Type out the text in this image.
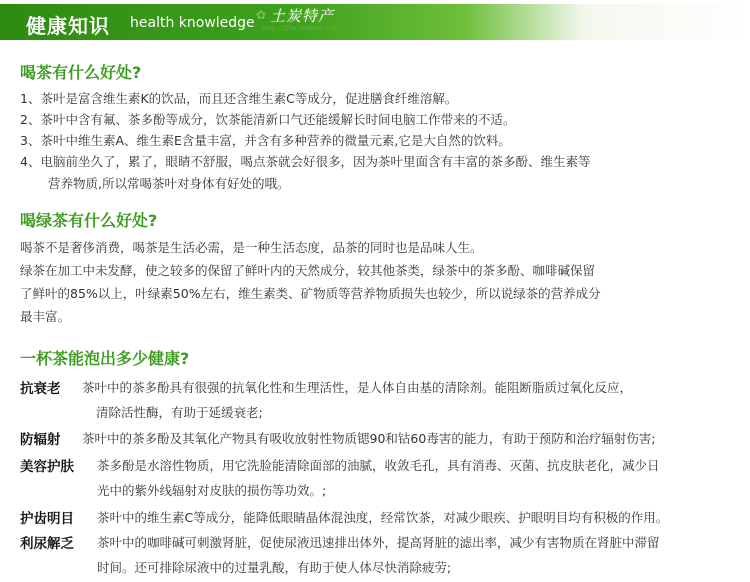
健康知识 health knowledge ✿ 土炭特产
http://tfte.taobao.com
喝茶有什么好处?
1、茶叶是富含维生素K的饮品，而且还含维生素C等成分，促进膳食纤维溶解。
2、茶叶中含有氟、茶多酚等成分，饮茶能清新口气还能缓解长时间电脑工作带来的不适。
3、茶叶中维生素A、维生素E含量丰富，并含有多种营养的微量元素,它是大自然的饮料。
4、电脑前坐久了，累了，眼睛不舒服，喝点茶就会好很多，因为茶叶里面含有丰富的茶多酚、维生素等
营养物质,所以常喝茶叶对身体有好处的哦。
喝绿茶有什么好处?
喝茶不是奢侈消费，喝茶是生活必需，是一种生活态度，品茶的同时也是品味人生。
绿茶在加工中未发酵，使之较多的保留了鲜叶内的天然成分，较其他茶类，绿茶中的茶多酚、咖啡碱保留
了鲜叶的85%以上，叶绿素50%左右，维生素类、矿物质等营养物质损失也较少，所以说绿茶的营养成分
最丰富。
一杯茶能泡出多少健康?
抗衰老 茶叶中的茶多酚具有很强的抗氧化性和生理活性，是人体自由基的清除剂。能阻断脂质过氧化反应，
清除活性酶，有助于延缓衰老;
防辐射 茶叶中的茶多酚及其氧化产物具有吸收放射性物质锶90和钴60毒害的能力，有助于预防和治疗辐射伤害;
美容护肤 茶多酚是水溶性物质，用它洗脸能清除面部的油腻，收敛毛孔，具有消毒、灭菌、抗皮肤老化，减少日
光中的紫外线辐射对皮肤的损伤等功效。;
护齿明目 茶叶中的维生素C等成分，能降低眼睛晶体混浊度，经常饮茶，对减少眼疾、护眼明目均有积极的作用。
利尿解乏 茶叶中的咖啡碱可刺激肾脏，促使尿液迅速排出体外，提高肾脏的滤出率，减少有害物质在肾脏中滞留
时间。还可排除尿液中的过量乳酸，有助于使人体尽快消除疲劳;
